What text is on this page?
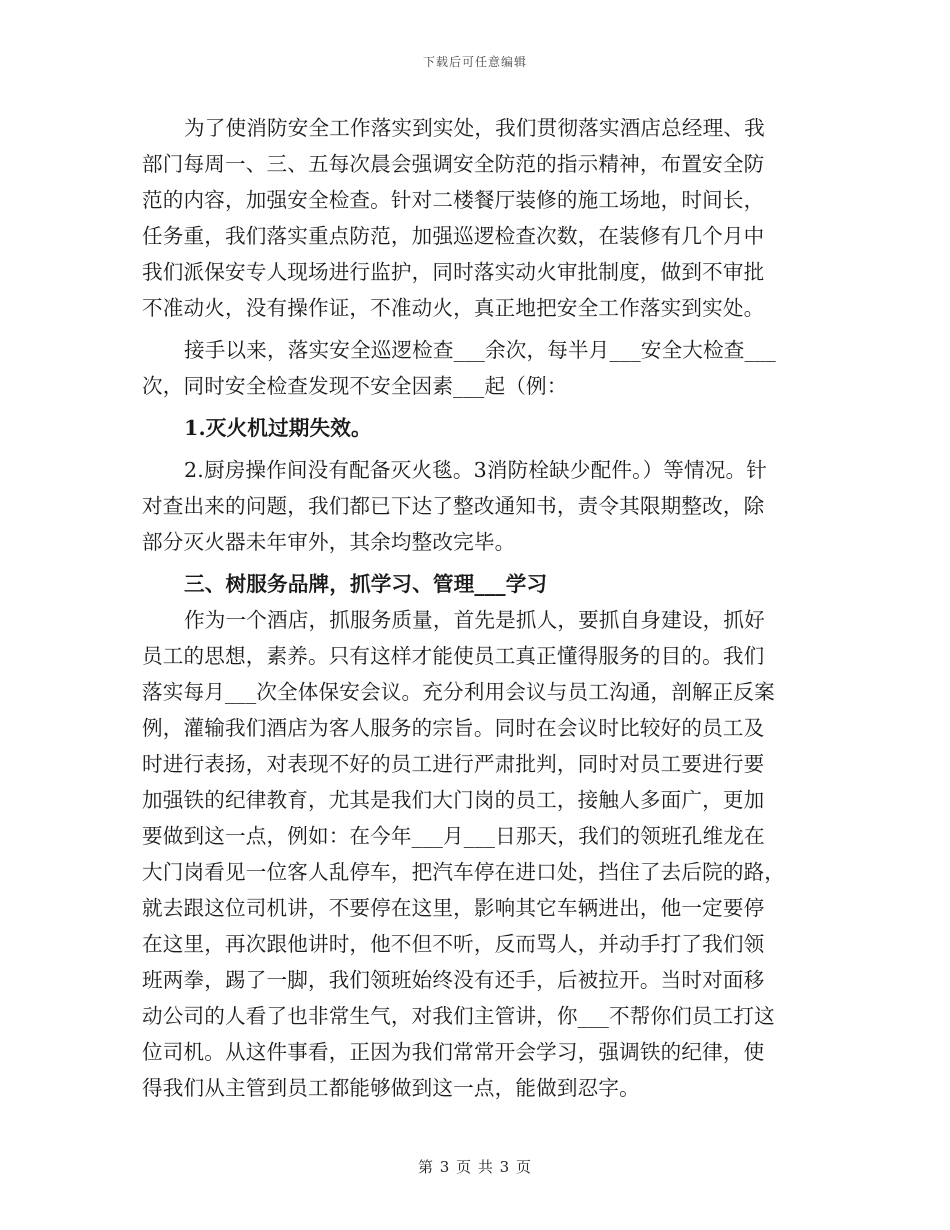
下载后可任意编辑
为了使消防安全工作落实到实处，我们贯彻落实酒店总经理、我
部门每周一、三、五每次晨会强调安全防范的指示精神，布置安全防
范的内容，加强安全检查。针对二楼餐厅装修的施工场地，时间长，
任务重，我们落实重点防范，加强巡逻检查次数，在装修有几个月中
我们派保安专人现场进行监护，同时落实动火审批制度，做到不审批
不准动火，没有操作证，不准动火，真正地把安全工作落实到实处。
接手以来，落实安全巡逻检查___余次，每半月___安全大检查___
次，同时安全检查发现不安全因素___起（例：
1.灭火机过期失效。
2.厨房操作间没有配备灭火毯。3消防栓缺少配件。）等情况。针
对查出来的问题，我们都已下达了整改通知书，责令其限期整改，除
部分灭火器未年审外，其余均整改完毕。
三、树服务品牌，抓学习、管理___学习
作为一个酒店，抓服务质量，首先是抓人，要抓自身建设，抓好
员工的思想，素养。只有这样才能使员工真正懂得服务的目的。我们
落实每月___次全体保安会议。充分利用会议与员工沟通，剖解正反案
例，灌输我们酒店为客人服务的宗旨。同时在会议时比较好的员工及
时进行表扬，对表现不好的员工进行严肃批判，同时对员工要进行要
加强铁的纪律教育，尤其是我们大门岗的员工，接触人多面广，更加
要做到这一点，例如：在今年___月___日那天，我们的领班孔维龙在
大门岗看见一位客人乱停车，把汽车停在进口处，挡住了去后院的路，
就去跟这位司机讲，不要停在这里，影响其它车辆进出，他一定要停
在这里，再次跟他讲时，他不但不听，反而骂人，并动手打了我们领
班两拳，踢了一脚，我们领班始终没有还手，后被拉开。当时对面移
动公司的人看了也非常生气，对我们主管讲，你___不帮你们员工打这
位司机。从这件事看，正因为我们常常开会学习，强调铁的纪律，使
得我们从主管到员工都能够做到这一点，能做到忍字。
第 3 页 共 3 页
